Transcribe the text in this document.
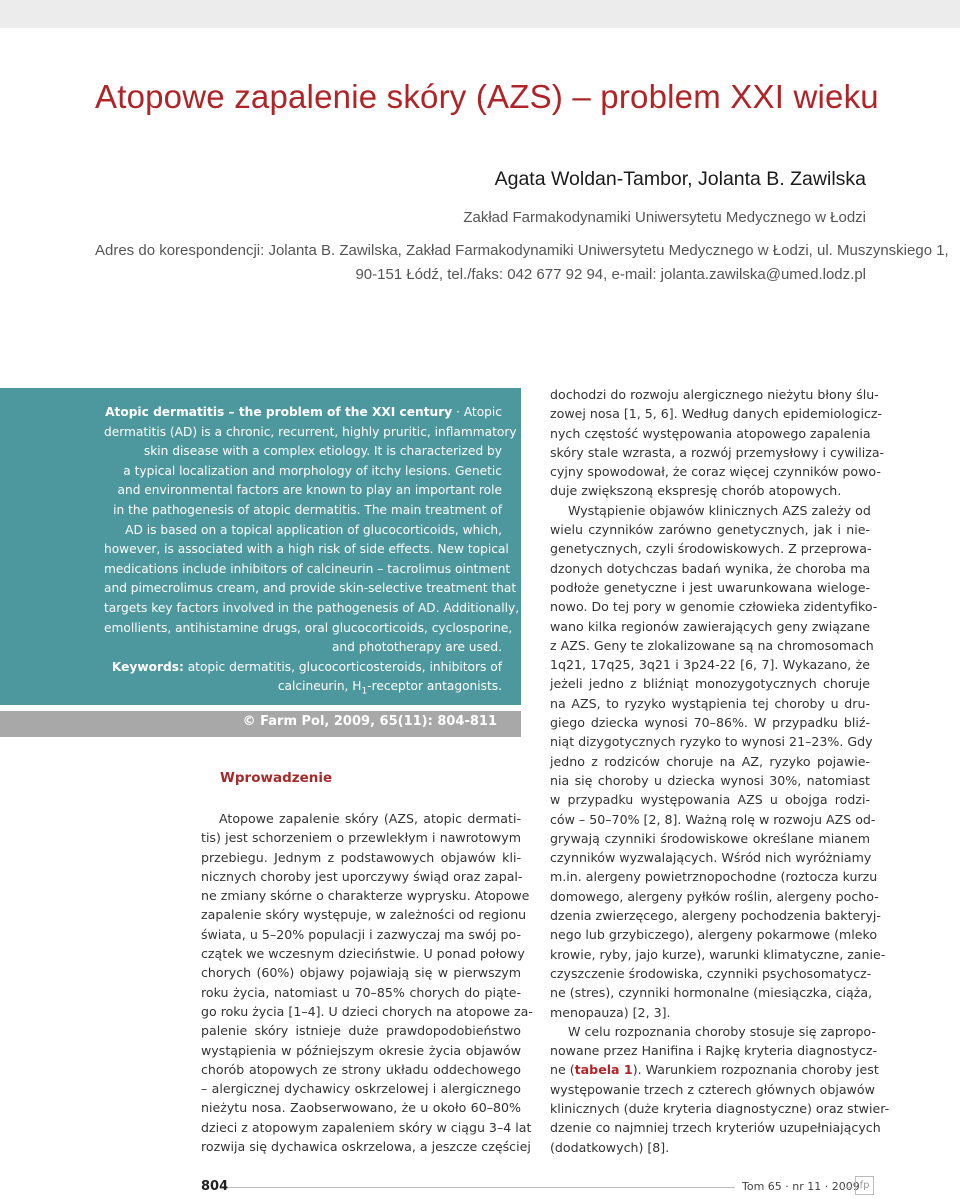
Atopowe zapalenie skóry (AZS) – problem XXI wieku
Agata Woldan-Tambor, Jolanta B. Zawilska
Zakład Farmakodynamiki Uniwersytetu Medycznego w Łodzi
Adres do korespondencji: Jolanta B. Zawilska, Zakład Farmakodynamiki Uniwersytetu Medycznego w Łodzi, ul. Muszynskiego 1,
90-151 Łódź, tel./faks: 042 677 92 94, e-mail: jolanta.zawilska@umed.lodz.pl
Atopic dermatitis – the problem of the XXI century · Atopic
dermatitis (AD) is a chronic, recurrent, highly pruritic, inflammatory
skin disease with a complex etiology. It is characterized by
a typical localization and morphology of itchy lesions. Genetic
and environmental factors are known to play an important role
in the pathogenesis of atopic dermatitis. The main treatment of
AD is based on a topical application of glucocorticoids, which,
however, is associated with a high risk of side effects. New topical
medications include inhibitors of calcineurin – tacrolimus ointment
and pimecrolimus cream, and provide skin-selective treatment that
targets key factors involved in the pathogenesis of AD. Additionally,
emollients, antihistamine drugs, oral glucocorticoids, cyclosporine,
and phototherapy are used.
Keywords: atopic dermatitis, glucocorticosteroids, inhibitors of
calcineurin, $H_1$-receptor antagonists.
© Farm Pol, 2009, 65(11): 804-811
Wprowadzenie
Atopowe zapalenie skóry (AZS, atopic dermati-
tis) jest schorzeniem o przewlekłym i nawrotowym
przebiegu. Jednym z podstawowych objawów kli-
nicznych choroby jest uporczywy świąd oraz zapal-
ne zmiany skórne o charakterze wyprysku. Atopowe
zapalenie skóry występuje, w zależności od regionu
świata, u 5–20% populacji i zazwyczaj ma swój po-
czątek we wczesnym dzieciństwie. U ponad połowy
chorych (60%) objawy pojawiają się w pierwszym
roku życia, natomiast u 70–85% chorych do piąte-
go roku życia [1–4]. U dzieci chorych na atopowe za-
palenie skóry istnieje duże prawdopodobieństwo
wystąpienia w późniejszym okresie życia objawów
chorób atopowych ze strony układu oddechowego
– alergicznej dychawicy oskrzelowej i alergicznego
nieżytu nosa. Zaobserwowano, że u około 60–80%
dzieci z atopowym zapaleniem skóry w ciągu 3–4 lat
rozwija się dychawica oskrzelowa, a jeszcze częściej
dochodzi do rozwoju alergicznego nieżytu błony ślu-
zowej nosa [1, 5, 6]. Według danych epidemiologicz-
nych częstość występowania atopowego zapalenia
skóry stale wzrasta, a rozwój przemysłowy i cywiliza-
cyjny spowodował, że coraz więcej czynników powo-
duje zwiększoną ekspresję chorób atopowych.
Wystąpienie objawów klinicznych AZS zależy od
wielu czynników zarówno genetycznych, jak i nie-
genetycznych, czyli środowiskowych. Z przeprowa-
dzonych dotychczas badań wynika, że choroba ma
podłoże genetyczne i jest uwarunkowana wieloge-
nowo. Do tej pory w genomie człowieka zidentyfiko-
wano kilka regionów zawierających geny związane
z AZS. Geny te zlokalizowane są na chromosomach
1q21, 17q25, 3q21 i 3p24-22 [6, 7]. Wykazano, że
jeżeli jedno z bliźniąt monozygotycznych choruje
na AZS, to ryzyko wystąpienia tej choroby u dru-
giego dziecka wynosi 70–86%. W przypadku bliź-
niąt dizygotycznych ryzyko to wynosi 21–23%. Gdy
jedno z rodziców choruje na AZ, ryzyko pojawie-
nia się choroby u dziecka wynosi 30%, natomiast
w przypadku występowania AZS u obojga rodzi-
ców – 50–70% [2, 8]. Ważną rolę w rozwoju AZS od-
grywają czynniki środowiskowe określane mianem
czynników wyzwalających. Wśród nich wyróżniamy
m.in. alergeny powietrznopochodne (roztocza kurzu
domowego, alergeny pyłków roślin, alergeny pocho-
dzenia zwierzęcego, alergeny pochodzenia bakteryj-
nego lub grzybiczego), alergeny pokarmowe (mleko
krowie, ryby, jajo kurze), warunki klimatyczne, zanie-
czyszczenie środowiska, czynniki psychosomatycz-
ne (stres), czynniki hormonalne (miesiączka, ciąża,
menopauza) [2, 3].
W celu rozpoznania choroby stosuje się zapropo-
nowane przez Hanifina i Rajkę kryteria diagnostycz-
ne (tabela 1). Warunkiem rozpoznania choroby jest
występowanie trzech z czterech głównych objawów
klinicznych (duże kryteria diagnostyczne) oraz stwier-
dzenie co najmniej trzech kryteriów uzupełniających
(dodatkowych) [8].
804	Tom 65 · nr 11 · 2009 fp
